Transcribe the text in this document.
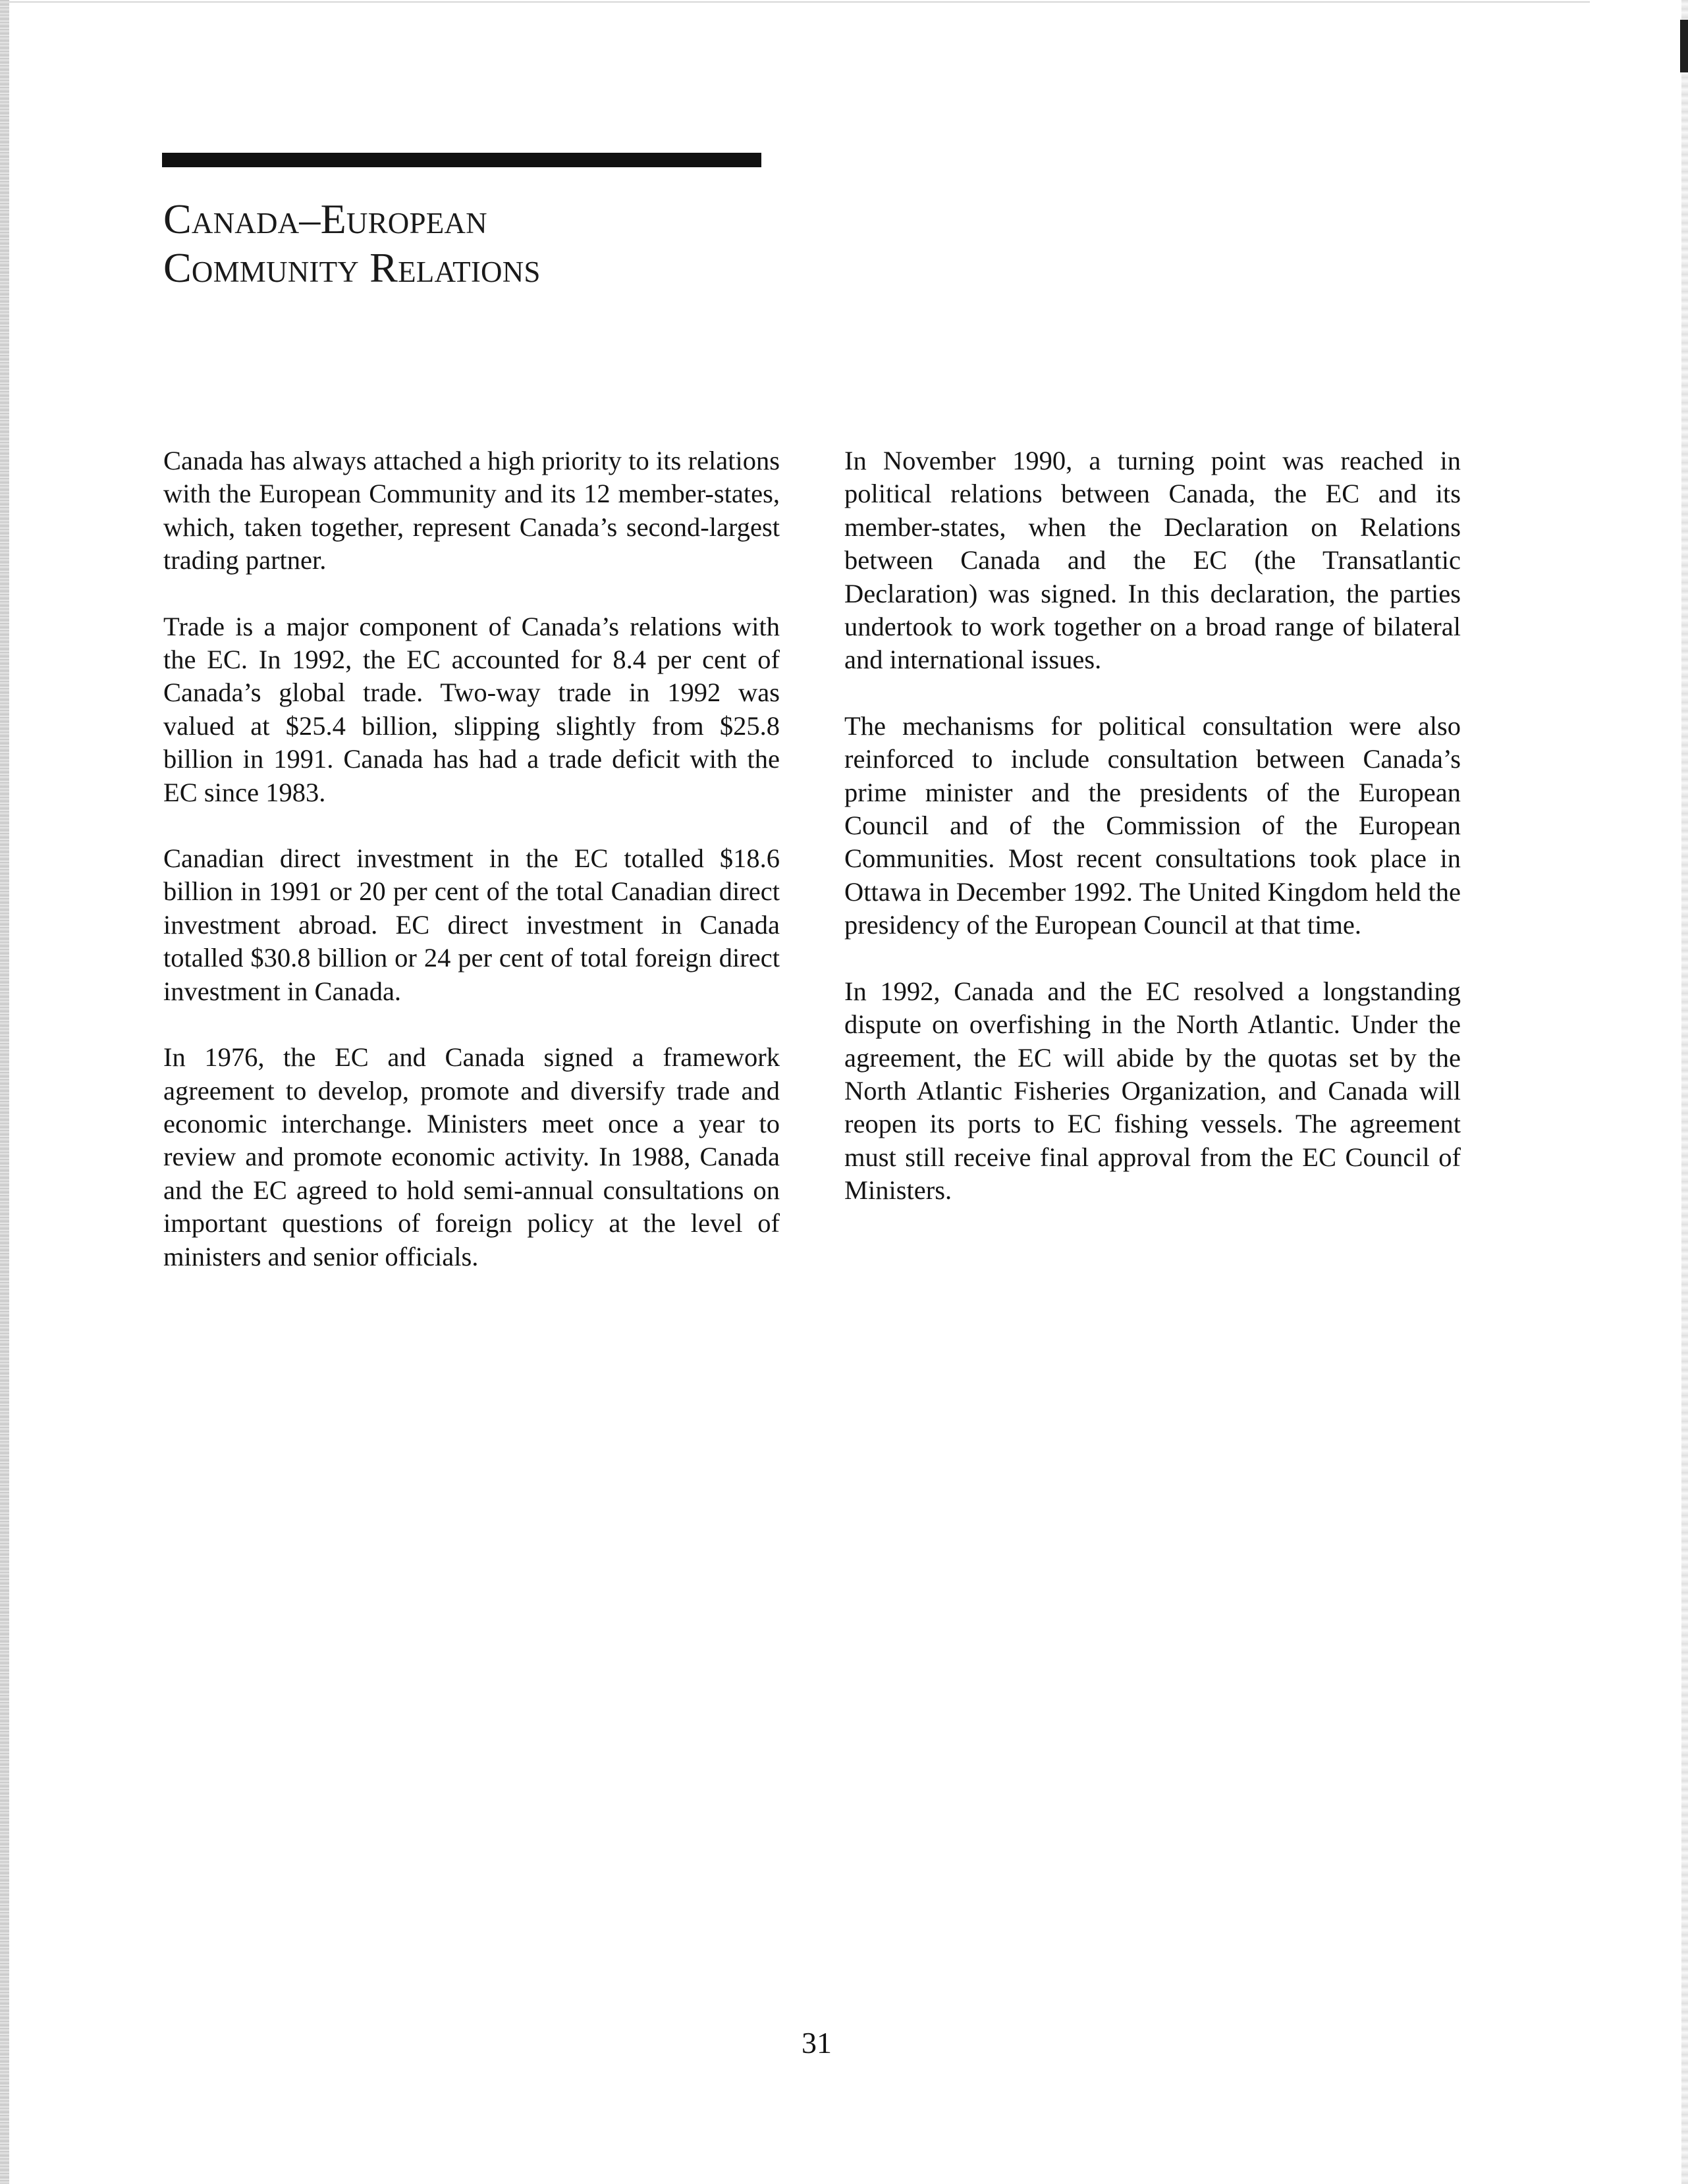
Canada–European
Community Relations

Canada has always attached a high priority to its relations with the European Community and its 12 member-states, which, taken together, represent Canada’s second-largest trading partner.

Trade is a major component of Canada’s relations with the EC. In 1992, the EC accounted for 8.4 per cent of Canada’s global trade. Two-way trade in 1992 was valued at $25.4 billion, slipping slightly from $25.8 billion in 1991. Canada has had a trade deficit with the EC since 1983.

Canadian direct investment in the EC totalled $18.6 billion in 1991 or 20 per cent of the total Canadian direct investment abroad. EC direct investment in Canada totalled $30.8 billion or 24 per cent of total foreign direct investment in Canada.

In 1976, the EC and Canada signed a framework agreement to develop, promote and diversify trade and economic interchange. Ministers meet once a year to review and promote economic activity. In 1988, Canada and the EC agreed to hold semi-annual consultations on important questions of foreign policy at the level of ministers and senior officials.

In November 1990, a turning point was reached in political relations between Canada, the EC and its member-states, when the Declaration on Relations between Canada and the EC (the Transatlantic Declaration) was signed. In this declaration, the parties undertook to work together on a broad range of bilateral and international issues.

The mechanisms for political consultation were also reinforced to include consultation between Canada’s prime minister and the presidents of the European Council and of the Commission of the European Communities. Most recent consultations took place in Ottawa in December 1992. The United Kingdom held the presidency of the European Council at that time.

In 1992, Canada and the EC resolved a longstanding dispute on overfishing in the North Atlantic. Under the agreement, the EC will abide by the quotas set by the North Atlantic Fisheries Organization, and Canada will reopen its ports to EC fishing vessels. The agreement must still receive final approval from the EC Council of Ministers.

31
